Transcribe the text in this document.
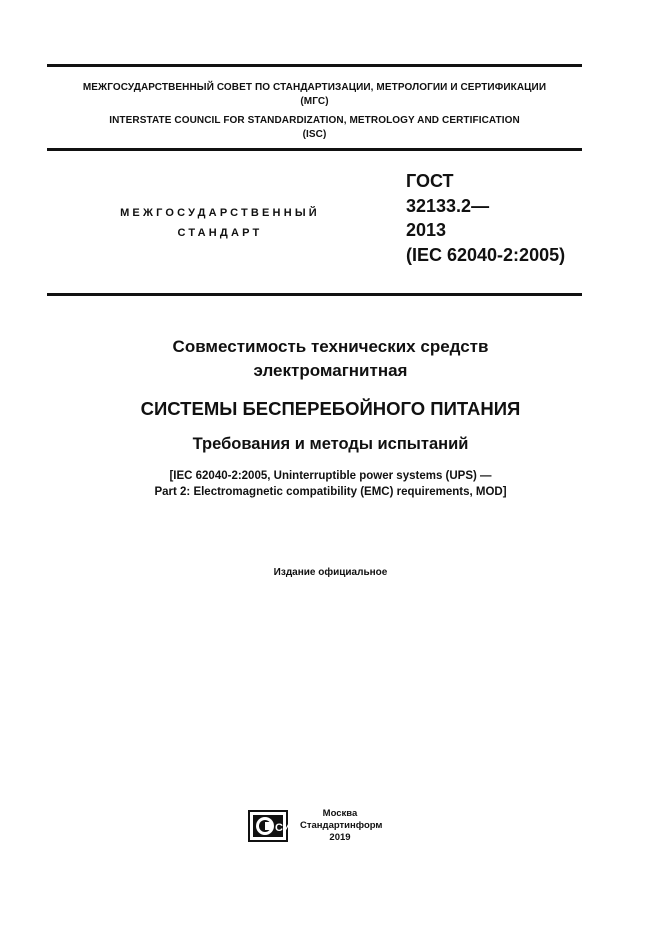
МЕЖГОСУДАРСТВЕННЫЙ СОВЕТ ПО СТАНДАРТИЗАЦИИ, МЕТРОЛОГИИ И СЕРТИФИКАЦИИ
(МГС)
INTERSTATE COUNCIL FOR STANDARDIZATION, METROLOGY AND CERTIFICATION
(ISC)
МЕЖГОСУДАРСТВЕННЫЙ
СТАНДАРТ
ГОСТ
32133.2—
2013
(IEC 62040-2:2005)
Совместимость технических средств
электромагнитная
СИСТЕМЫ БЕСПЕРЕБОЙНОГО ПИТАНИЯ
Требования и методы испытаний
[IEC 62040-2:2005, Uninterruptible power systems (UPS) —
Part 2: Electromagnetic compatibility (EMC) requirements, MOD]
Издание официальное
СИ
Москва
Стандартинформ
2019
